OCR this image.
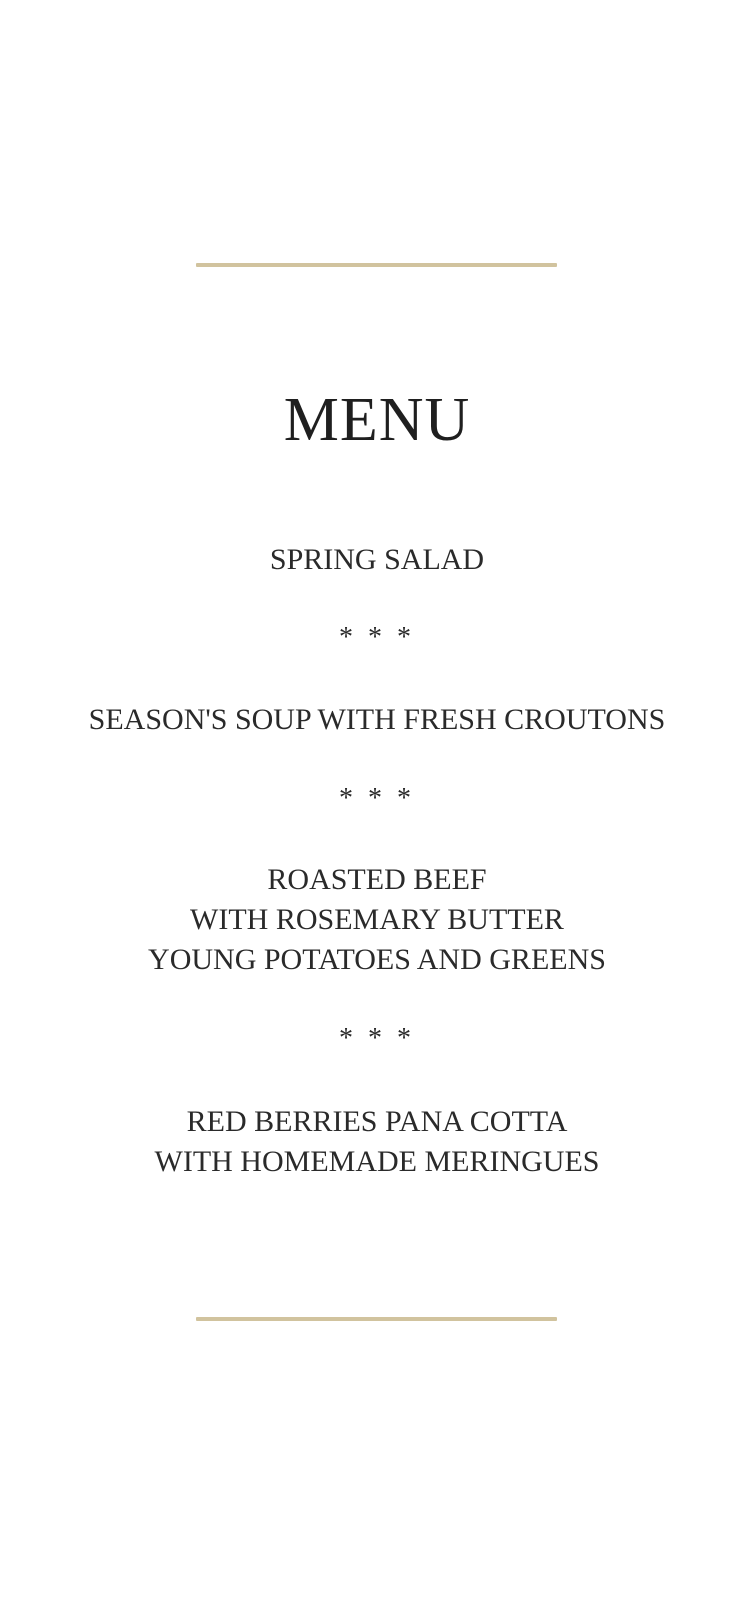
MENU
SPRING SALAD
* * *
SEASON'S SOUP WITH FRESH CROUTONS
* * *
ROASTED BEEF
WITH ROSEMARY BUTTER
YOUNG POTATOES AND GREENS
* * *
RED BERRIES PANA COTTA
WITH HOMEMADE MERINGUES
